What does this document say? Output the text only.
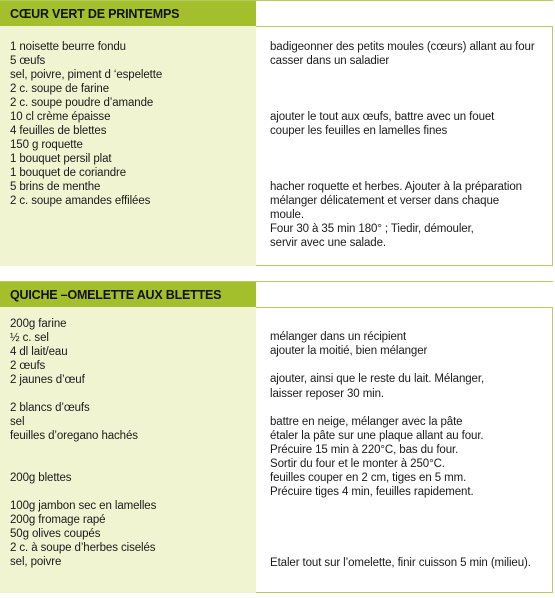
CŒUR VERT DE PRINTEMPS
1 noisette beurre fondu
5 œufs
sel, poivre, piment d ‘espelette
2 c. soupe de farine
2 c. soupe poudre d’amande
10 cl crème épaisse
4 feuilles de blettes
150 g roquette
1 bouquet persil plat
1 bouquet de coriandre
5 brins de menthe
2 c. soupe amandes effilées
badigeonner des petits moules (cœurs) allant au four
casser dans un saladier
ajouter le tout aux œufs, battre avec un fouet
couper les feuilles en lamelles fines
hacher roquette et herbes. Ajouter à la préparation
mélanger délicatement et verser dans chaque
moule.
Four 30 à 35 min 180° ; Tiedir, démouler,
servir avec une salade.
QUICHE –OMELETTE AUX BLETTES
200g farine
½ c. sel
4 dl lait/eau
2 œufs
2 jaunes d’œuf
2 blancs d’œufs
sel
feuilles d’oregano hachés
200g blettes
100g jambon sec en lamelles
200g fromage rapé
50g olives coupés
2 c. à soupe d’herbes ciselés
sel, poivre
mélanger dans un récipient
ajouter la moitié, bien mélanger
ajouter, ainsi que le reste du lait. Mélanger,
laisser reposer 30 min.
battre en neige, mélanger avec la pâte
étaler la pâte sur une plaque allant au four.
Précuire 15 min à 220°C, bas du four.
Sortir du four et le monter à 250°C.
feuilles couper en 2 cm, tiges en 5 mm.
Précuire tiges 4 min, feuilles rapidement.
Etaler tout sur l’omelette, finir cuisson 5 min (milieu).
